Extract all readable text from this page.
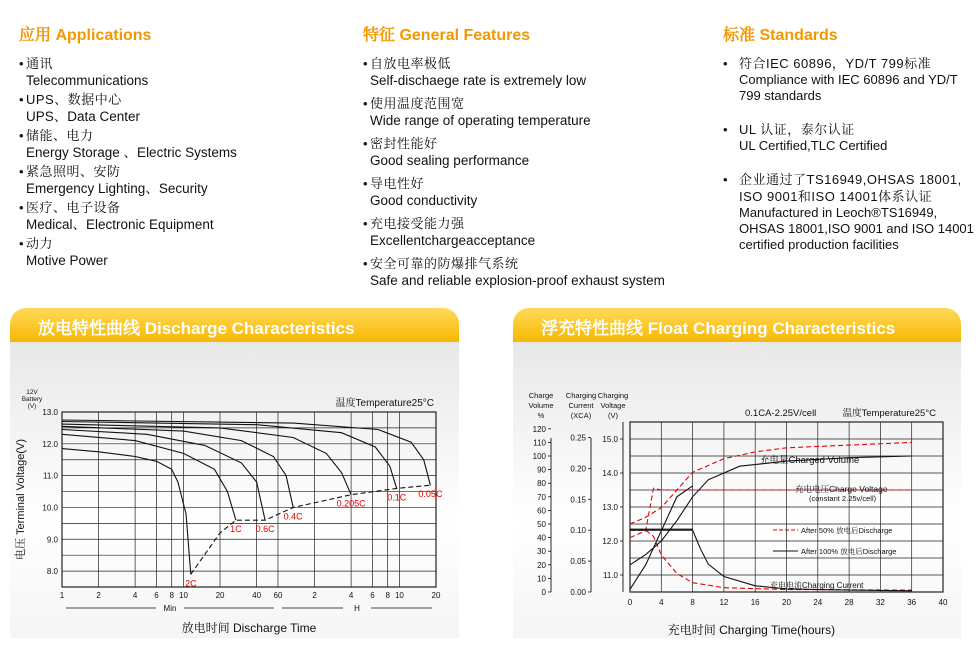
应用 Applications
• 通讯
Telecommunications
• UPS、数据中心
UPS、Data Center
• 储能、电力
Energy Storage 、Electric Systems
• 紧急照明、安防
Emergency Lighting、Security
• 医疗、电子设备
Medical、Electronic Equipment
• 动力
Motive Power
特征 General Features
• 自放电率极低
Self-dischaege rate is extremely low
• 使用温度范围宽
Wide range of operating temperature
• 密封性能好
Good sealing performance
• 导电性好
Good conductivity
• 充电接受能力强
Excellentchargeacceptance
• 安全可靠的防爆排气系统
Safe and reliable explosion-proof exhaust system
标准 Standards
• 符合IEC 60896，YD/T 799标准
Compliance with IEC 60896 and YD/T 799 standards
• UL 认证，泰尔认证
UL Certified,TLC Certified
• 企业通过了TS16949,OHSAS 18001, ISO 9001和ISO 14001体系认证
Manufactured in Leoch®TS16949, OHSAS 18001,ISO 9001 and ISO 14001 certified production facilities
放电特性曲线 Discharge Characteristics
13.0
12.0
11.0
10.0
9.0
8.0
1	2	4 6 8 10	20	40 60	2	4 6 8 10	20
Min	H
电压 Terminal Voltage(V)
12V
Battery
(V)
放电时间 Discharge Time
温度Temperature25°C
2C
1C 0.6C
0.4C
0.205C
0.1C 0.05C
浮充特性曲线 Float Charging Characteristics
0	4	8	12	16	20	24	28	32	36	40
充电时间 Charging Time(hours)
Charge
Volume
%
0
10
20
30
40
50
60
70
80
90
100
110
120
Charging
Current
(XCA)
0.00
0.05
0.10
0.15
0.20
0.25
Charging
Voltage
(V)
11.0
12.0
13.0
14.0
15.0
0.1CA-2.25V/cell	温度Temperature25°C
充电量Charged Volume
充电电压Charge Voltage
(constant 2.25v/cell)
充电电流Charging Current
After 50% 放电后Discharge
After 100% 放电后Discharge
